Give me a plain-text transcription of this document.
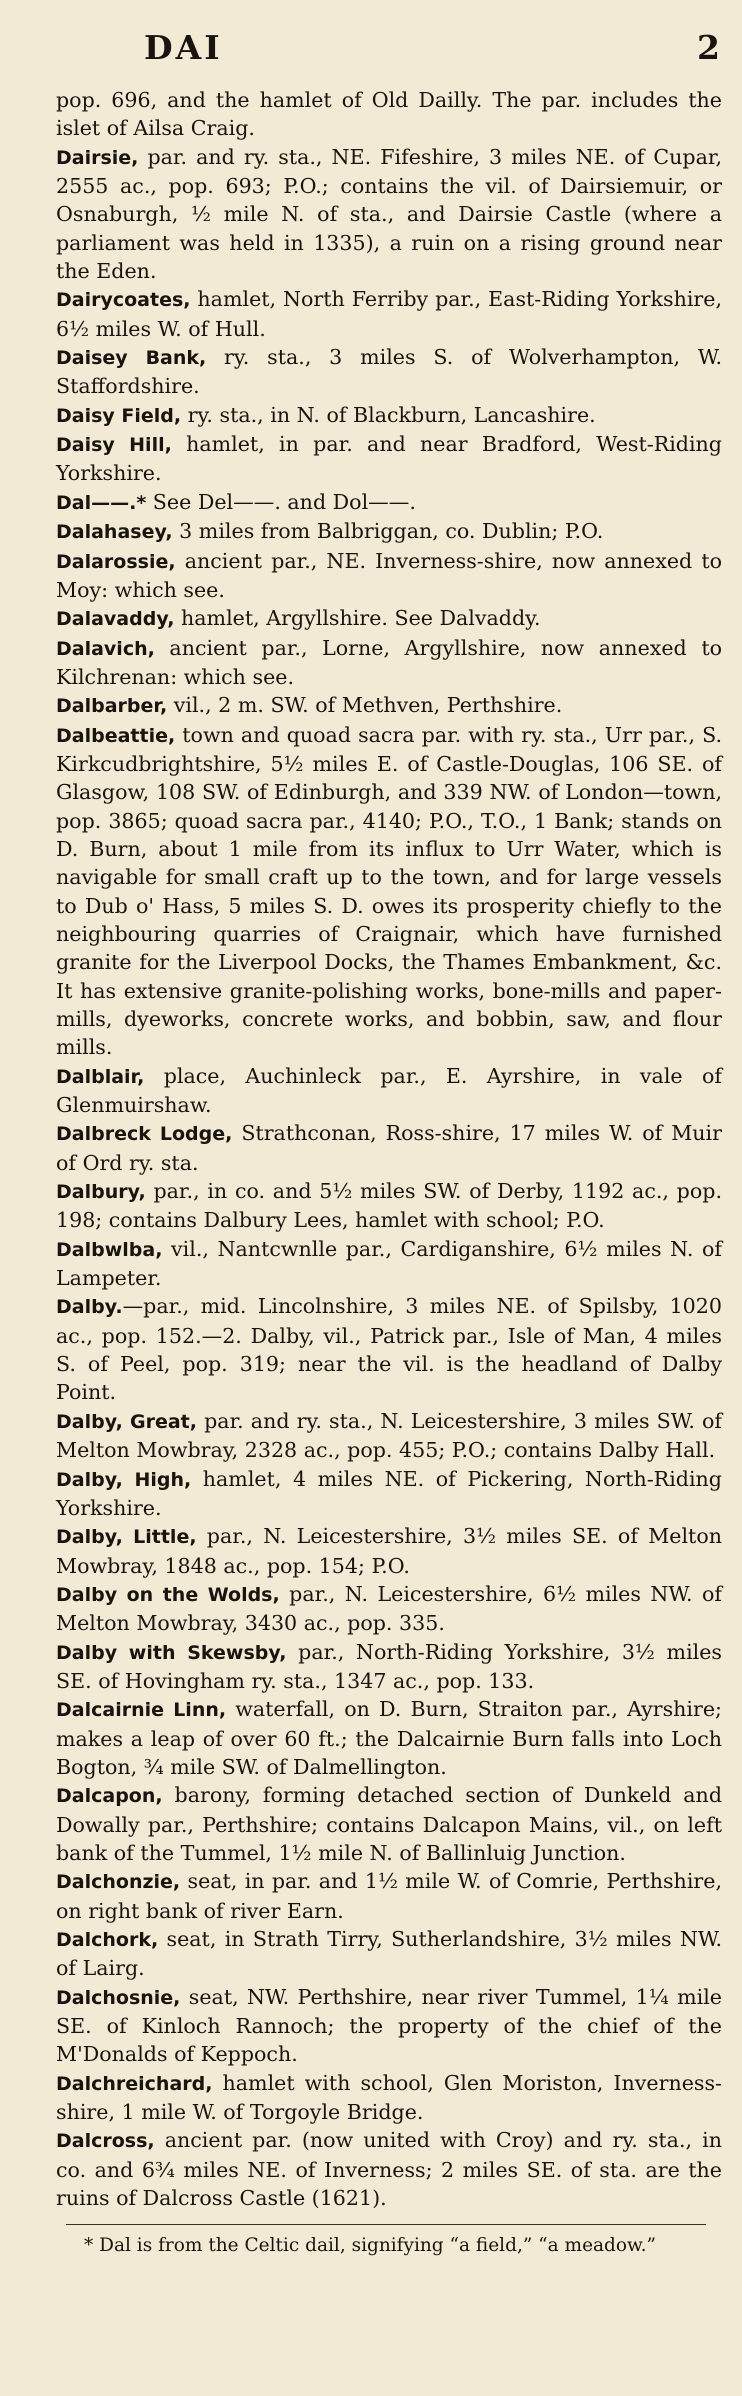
DAI	2

pop. 696, and the hamlet of Old Dailly. The par. includes the islet of Ailsa Craig.

Dairsie, par. and ry. sta., NE. Fifeshire, 3 miles NE. of Cupar, 2555 ac., pop. 693; P.O.; contains the vil. of Dairsiemuir, or Osnaburgh, ½ mile N. of sta., and Dairsie Castle (where a parliament was held in 1335), a ruin on a rising ground near the Eden.

Dairycoates, hamlet, North Ferriby par., East-Riding Yorkshire, 6½ miles W. of Hull.

Daisey Bank, ry. sta., 3 miles S. of Wolverhampton, W. Staffordshire.

Daisy Field, ry. sta., in N. of Blackburn, Lancashire.

Daisy Hill, hamlet, in par. and near Bradford, West-Riding Yorkshire.

Dal——.* See Del——. and Dol——.

Dalahasey, 3 miles from Balbriggan, co. Dublin; P.O.

Dalarossie, ancient par., NE. Inverness-shire, now annexed to Moy: which see.

Dalavaddy, hamlet, Argyllshire. See Dalvaddy.

Dalavich, ancient par., Lorne, Argyllshire, now annexed to Kilchrenan: which see.

Dalbarber, vil., 2 m. SW. of Methven, Perthshire.

Dalbeattie, town and quoad sacra par. with ry. sta., Urr par., S. Kirkcudbrightshire, 5½ miles E. of Castle-Douglas, 106 SE. of Glasgow, 108 SW. of Edinburgh, and 339 NW. of London—town, pop. 3865; quoad sacra par., 4140; P.O., T.O., 1 Bank; stands on D. Burn, about 1 mile from its influx to Urr Water, which is navigable for small craft up to the town, and for large vessels to Dub o' Hass, 5 miles S. D. owes its prosperity chiefly to the neighbouring quarries of Craignair, which have furnished granite for the Liverpool Docks, the Thames Embankment, &c. It has extensive granite-polishing works, bone-mills and paper-mills, dyeworks, concrete works, and bobbin, saw, and flour mills.

Dalblair, place, Auchinleck par., E. Ayrshire, in vale of Glenmuirshaw.

Dalbreck Lodge, Strathconan, Ross-shire, 17 miles W. of Muir of Ord ry. sta.

Dalbury, par., in co. and 5½ miles SW. of Derby, 1192 ac., pop. 198; contains Dalbury Lees, hamlet with school; P.O.

Dalbwlba, vil., Nantcwnlle par., Cardiganshire, 6½ miles N. of Lampeter.

Dalby.—par., mid. Lincolnshire, 3 miles NE. of Spilsby, 1020 ac., pop. 152.—2. Dalby, vil., Patrick par., Isle of Man, 4 miles S. of Peel, pop. 319; near the vil. is the headland of Dalby Point.

Dalby, Great, par. and ry. sta., N. Leicestershire, 3 miles SW. of Melton Mowbray, 2328 ac., pop. 455; P.O.; contains Dalby Hall.

Dalby, High, hamlet, 4 miles NE. of Pickering, North-Riding Yorkshire.

Dalby, Little, par., N. Leicestershire, 3½ miles SE. of Melton Mowbray, 1848 ac., pop. 154; P.O.

Dalby on the Wolds, par., N. Leicestershire, 6½ miles NW. of Melton Mowbray, 3430 ac., pop. 335.

Dalby with Skewsby, par., North-Riding Yorkshire, 3½ miles SE. of Hovingham ry. sta., 1347 ac., pop. 133.

Dalcairnie Linn, waterfall, on D. Burn, Straiton par., Ayrshire; makes a leap of over 60 ft.; the Dalcairnie Burn falls into Loch Bogton, ¾ mile SW. of Dalmellington.

Dalcapon, barony, forming detached section of Dunkeld and Dowally par., Perthshire; contains Dalcapon Mains, vil., on left bank of the Tummel, 1½ mile N. of Ballinluig Junction.

Dalchonzie, seat, in par. and 1½ mile W. of Comrie, Perthshire, on right bank of river Earn.

Dalchork, seat, in Strath Tirry, Sutherlandshire, 3½ miles NW. of Lairg.

Dalchosnie, seat, NW. Perthshire, near river Tummel, 1¼ mile SE. of Kinloch Rannoch; the property of the chief of the M'Donalds of Keppoch.

Dalchreichard, hamlet with school, Glen Moriston, Inverness-shire, 1 mile W. of Torgoyle Bridge.

Dalcross, ancient par. (now united with Croy) and ry. sta., in co. and 6¾ miles NE. of Inverness; 2 miles SE. of sta. are the ruins of Dalcross Castle (1621).

* Dal is from the Celtic dail, signifying “a field,” “a meadow.”
